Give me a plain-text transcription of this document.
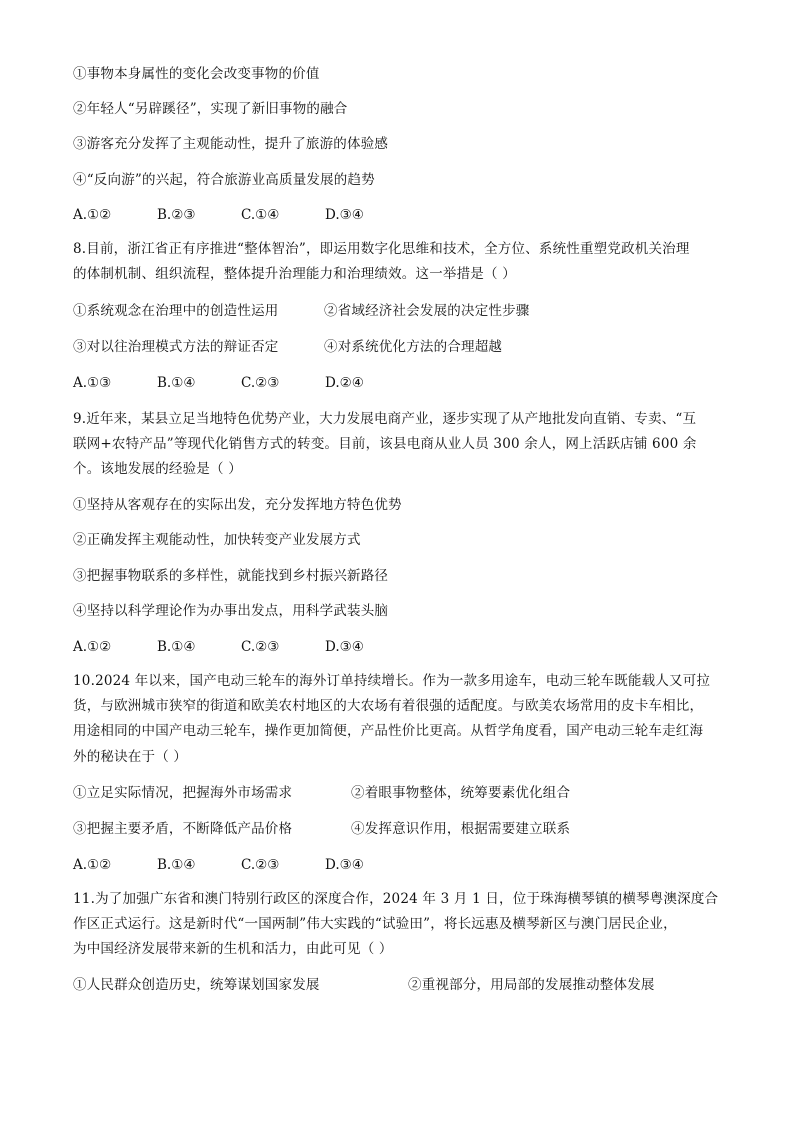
①事物本身属性的变化会改变事物的价值
②年轻人“另辟蹊径”，实现了新旧事物的融合
③游客充分发挥了主观能动性，提升了旅游的体验感
④“反向游”的兴起，符合旅游业高质量发展的趋势
A.①②	B.②③	C.①④	D.③④
8.目前，浙江省正有序推进“整体智治”，即运用数字化思维和技术，全方位、系统性重塑党政机关治理
的体制机制、组织流程，整体提升治理能力和治理绩效。这一举措是（ ）
①系统观念在治理中的创造性运用	②省域经济社会发展的决定性步骤
③对以往治理模式方法的辩证否定	④对系统优化方法的合理超越
A.①③	B.①④	C.②③	D.②④
9.近年来，某县立足当地特色优势产业，大力发展电商产业，逐步实现了从产地批发向直销、专卖、“互
联网+农特产品”等现代化销售方式的转变。目前，该县电商从业人员 300 余人，网上活跃店铺 600 余
个。该地发展的经验是（ ）
①坚持从客观存在的实际出发，充分发挥地方特色优势
②正确发挥主观能动性，加快转变产业发展方式
③把握事物联系的多样性，就能找到乡村振兴新路径
④坚持以科学理论作为办事出发点，用科学武装头脑
A.①②	B.①④	C.②③	D.③④
10.2024 年以来，国产电动三轮车的海外订单持续增长。作为一款多用途车，电动三轮车既能载人又可拉
货，与欧洲城市狭窄的街道和欧美农村地区的大农场有着很强的适配度。与欧美农场常用的皮卡车相比，
用途相同的中国产电动三轮车，操作更加简便，产品性价比更高。从哲学角度看，国产电动三轮车走红海
外的秘诀在于（ ）
①立足实际情况，把握海外市场需求	②着眼事物整体，统筹要素优化组合
③把握主要矛盾，不断降低产品价格	④发挥意识作用，根据需要建立联系
A.①②	B.①④	C.②③	D.③④
11.为了加强广东省和澳门特别行政区的深度合作，2024 年 3 月 1 日，位于珠海横琴镇的横琴粤澳深度合
作区正式运行。这是新时代“一国两制”伟大实践的“试验田”，将长远惠及横琴新区与澳门居民企业，
为中国经济发展带来新的生机和活力，由此可见（ ）
①人民群众创造历史，统筹谋划国家发展	②重视部分，用局部的发展推动整体发展
